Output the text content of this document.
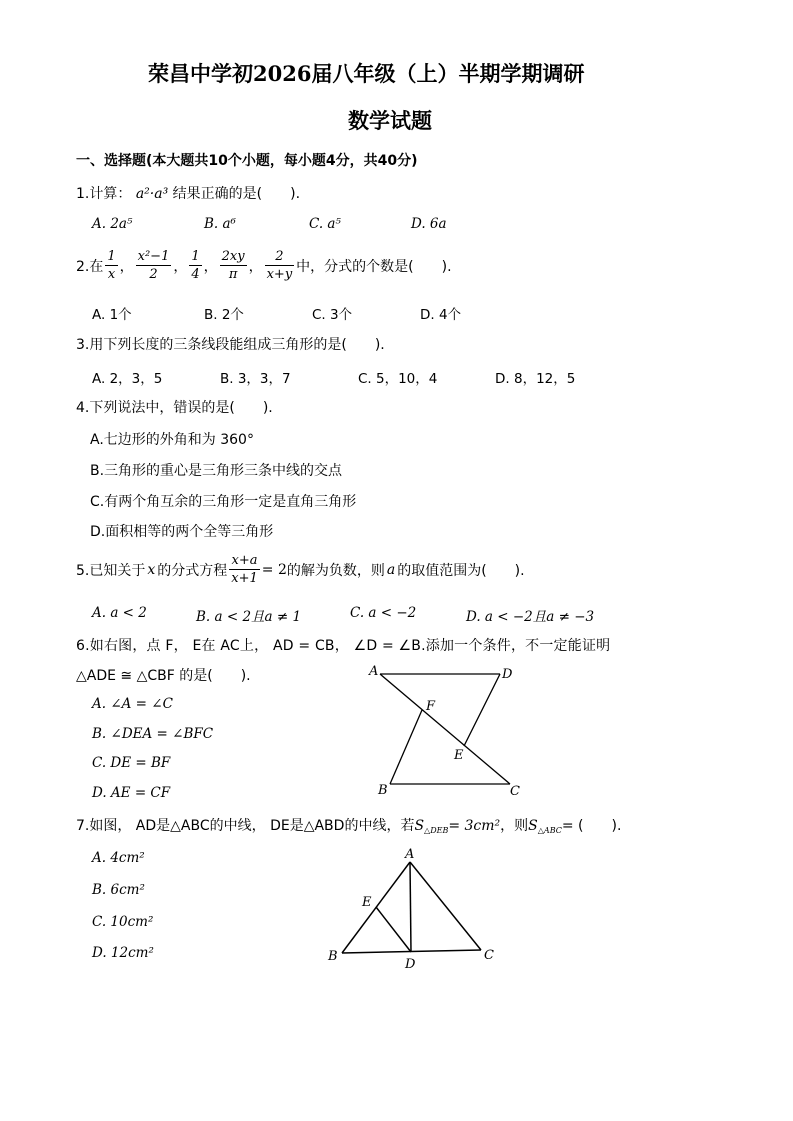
荣昌中学初2026届八年级（上）半期学期调研
数学试题
一、选择题(本大题共10个小题，每小题4分，共40分)
1.计算： a²·a³ 结果正确的是(　　).
A. 2a⁵	B. a⁶	C. a⁵	D. 6a
2.在 $\frac{1}{x}$ ， $\frac{\text{x²−1}}{2}$ ， $\frac{1}{4}$ ， $\frac{2xy}{\pi}$ ， $\frac{2}{x+y}$ 中，分式的个数是(　　).
A. 1个	B. 2个	C. 3个	D. 4个
3.用下列长度的三条线段能组成三角形的是(　　).
A. 2，3，5	B. 3，3，7	C. 5，10，4	D. 8，12，5
4.下列说法中，错误的是(　　).
A.七边形的外角和为 360°
B.三角形的重心是三角形三条中线的交点
C.有两个角互余的三角形一定是直角三角形
D.面积相等的两个全等三角形
5.已知关于 x 的分式方程 $\frac{x+a}{x+1} = 2$ 的解为负数，则 a 的取值范围为(　　).
A. a < 2	B. a < 2且a ≠ 1	C. a < −2	D. a < −2且a ≠ −3
6.如右图，点 F， E在 AC上， AD = CB， ∠D = ∠B.添加一个条件，不一定能证明
△ADE ≅ △CBF 的是(　　).
A. ∠A = ∠C
B. ∠DEA = ∠BFC
C. DE = BF
D. AE = CF
A	D
F
E
B	C
7.如图， AD是△ABC的中线， DE是△ABD的中线，若$S_{\triangle DEB}= 3cm^2$，则$S_{\triangle ABC}=$ (　　).
A. 4cm²
B. 6cm²
C. 10cm²
D. 12cm²
A
E
B
D
C
